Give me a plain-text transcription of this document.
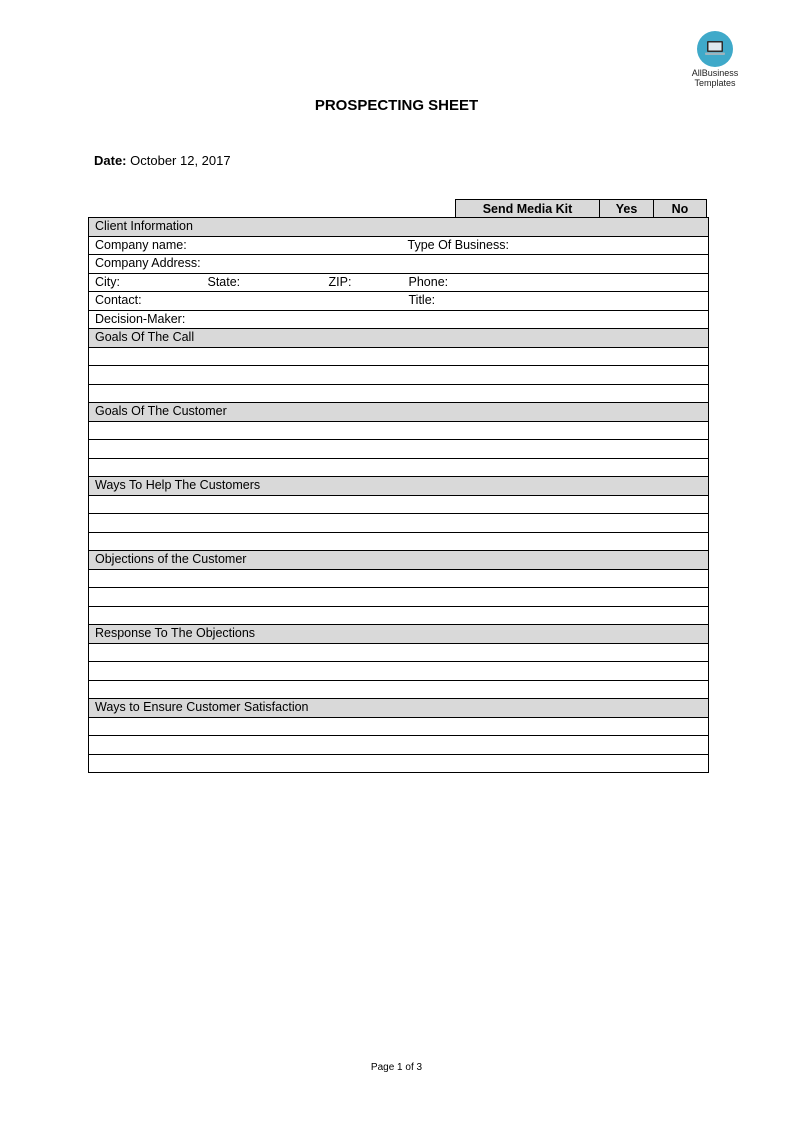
AllBusiness
Templates
PROSPECTING SHEET
Date: October 12, 2017
Send Media Kit	Yes	No
Client Information			
Company name:			Type Of Business:
Company Address:			
City:	State:	ZIP:	Phone:
Contact:			Title:
Decision-Maker:			
Goals Of The Call			

Goals Of The Customer			

Ways To Help The Customers			

Objections of the Customer			

Response To The Objections			

Ways to Ensure Customer Satisfaction			

Page 1 of 3
